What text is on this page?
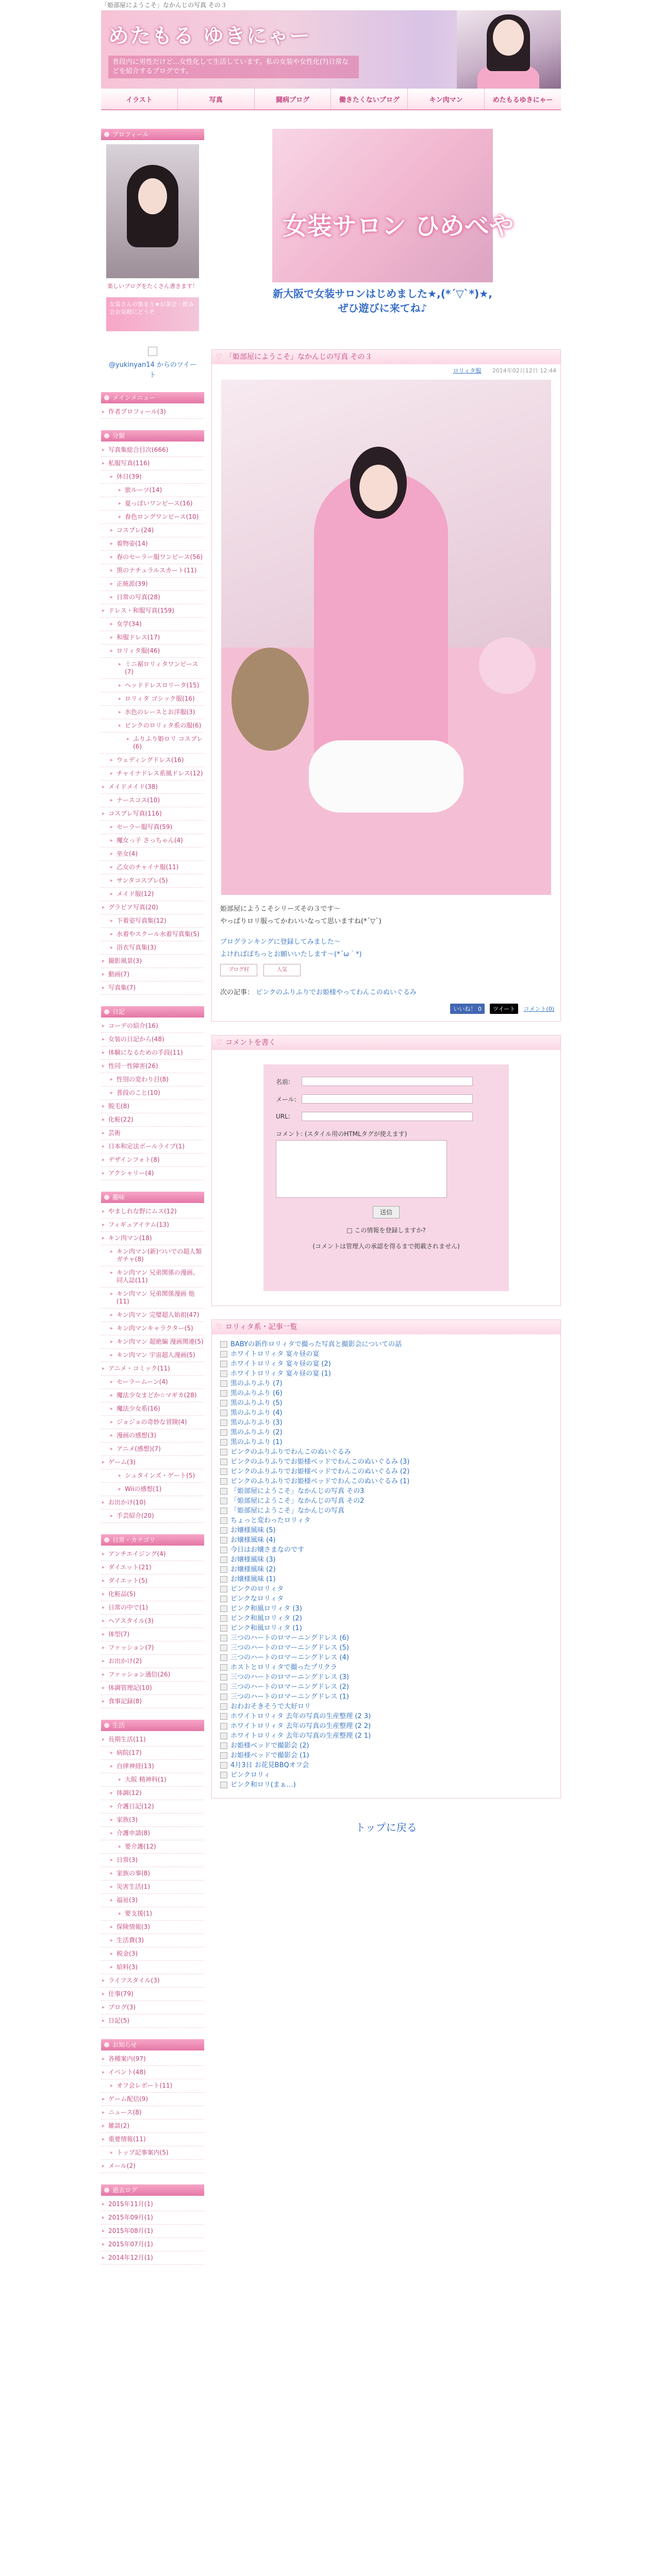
「姫部屋にようこそ」なかんじの写真 その３
めたもる ゆきにゃー
普段内に男性だけど…女性化して生活しています。私の女装や女性化(?)日常などを紹介するブログです。
イラスト	写真	闘病ブログ	働きたくないブログ	キン肉マン	めたもるゆきにゃー
プロフィール
楽しいブログをたくさん書きます！
女装さんの集まり★お茶会・飲み会お気軽にどうぞ
@yukinyan14 からのツイート
メインメニュー
▸ 作者プロフィール(3)
分類
▸ 写真集総合目次(666)
▸ 私服写真(116)
▸ 休日(39)
▸ 旅ルーツ(14)
▸ 夏っぽいワンピース(16)
▸ 春色ロングワンピース(10)
▸ コスプレ(24)
▸ 着物姿(14)
▸ 春のセーラー服ワンピース(56)
▸ 黒のナチュラルスカート(11)
▸ 正統派(39)
▸ 日常の写真(28)
▸ ドレス・和服写真(159)
▸ 女学(34)
▸ 和服ドレス(17)
▸ ロリィタ服(46)
▸ ミニ裾ロリィタワンピース(7)
▸ ヘッドドレスロリータ(15)
▸ ロリィタ ゴシック服(16)
▸ 水色のレースとお洋服(3)
▸ ピンクのロリィタ系の服(6)
▸ ふりふり姫ロリ コスプレ(6)
▸ ウェディングドレス(16)
▸ チャイナドレス系風ドレス(12)
▸ メイドメイド(38)
▸ ナースコス(10)
▸ コスプレ写真(116)
▸ セーラー服写真(59)
▸ 魔女っ子 さっちゃん(4)
▸ 巫女(4)
▸ 乙女のチャイナ服(11)
▸ サンタコスプレ(5)
▸ メイド服(12)
▸ グラビア写真(20)
▸ 下着姿写真集(12)
▸ 水着やスクール水着写真集(5)
▸ 浴衣写真集(3)
▸ 撮影風景(3)
▸ 動画(7)
▸ 写真集(7)
日記
▸ コーデの紹介(16)
▸ 女装の日記から(48)
▸ 体験になるための手段(11)
▸ 性同一性障害(26)
▸ 性別の変わり目(8)
▸ 普段のこと(10)
▸ 脱毛(8)
▸ 化粧(22)
▸ 芸術
▸ 日本和定法ボールライブ(1)
▸ デザインフォト(8)
▸ アクシャリー(4)
趣味
▸ やましれな野にムス(12)
▸ フィギュアイテム(13)
▸ キン肉マン(18)
▸ キン肉マン(新)ついでの超人類ガチャ(8)
▸ キン肉マン 兄弟関係の漫画、同人誌(11)
▸ キン肉マン 兄弟関係漫画 他(11)
▸ キン肉マン 完璧超人始祖(47)
▸ キン肉マンキャラクター(5)
▸ キン肉マン 超絶編 漫画関連(5)
▸ キン肉マン 宇宙超人漫画(5)
▸ アニメ・コミック(11)
▸ セーラームーン(4)
▸ 魔法少女まどか☆マギカ(28)
▸ 魔法少女系(16)
▸ ジョジョの奇妙な冒険(4)
▸ 漫画の感想(3)
▸ アニメ(感想)(7)
▸ ゲーム(3)
▸ シュタインズ・ゲート(5)
▸ Wiiの感想(1)
▸ お出かけ(10)
▸ 手芸紹介(20)
日常・カテゴリ
▸ アンチエイジング(4)
▸ ダイエット(21)
▸ ダイエット(5)
▸ 化粧品(5)
▸ 日常の中で(1)
▸ ヘアスタイル(3)
▸ 体型(7)
▸ ファッション(7)
▸ お出かけ(2)
▸ ファッション通信(26)
▸ 体調管理記(10)
▸ 食事記録(8)
生活
▸ 長期生活(11)
▸ 病院(17)
▸ 自律神経(13)
▸ 大阪 精神科(1)
▸ 体調(12)
▸ 介護日記(12)
▸ 家族(3)
▸ 介護申請(8)
▸ 要介護(12)
▸ 日常(3)
▸ 家族の事(8)
▸ 災害生活(1)
▸ 福祉(3)
▸ 要支援(1)
▸ 保険情報(3)
▸ 生活費(3)
▸ 税金(3)
▸ 給料(3)
▸ ライフスタイル(3)
▸ 仕事(79)
▸ ブログ(3)
▸ 日記(5)
お知らせ
▸ 各種案内(97)
▸ イベント(48)
▸ オフ会レポート(11)
▸ ゲーム配信(9)
▸ ニュース(8)
▸ 雑談(2)
▸ 重要情報(11)
▸ トップ記事案内(5)
▸ メール(2)
過去ログ
▸ 2015年11月(1)
▸ 2015年09月(1)
▸ 2015年08月(1)
▸ 2015年07月(1)
▸ 2014年12月(1)
女装サロン ひめべや
新大阪で女装サロンはじめました★,(*´▽`*)★,
ぜひ遊びに来てね♪
♡ 「姫部屋にようこそ」なかんじの写真 その３
ロリィタ服 2014年02月12日 12:44

姫部屋にようこそシリーズその３です～

やっぱりロリ服ってかわいいなって思いますね(*´▽`)

ブログランキングに登録してみました～

よければぽちっとお願いいたします～(*´ω｀*)

ブログ村	人気
次の記事： ピンクのふりふりでお姫様やってわんこのぬいぐるみ
いいね！ 0	ツイート	コメント(0)
♡ コメントを書く
名前:
メール:
URL:
コメント: (スタイル用のHTMLタグが使えます)
送信
□ この情報を登録しますか?
(コメントは管理人の承認を得るまで掲載されません)
♡ ロリィタ系・記事一覧
BABYの新作ロリィタで撮った写真と撮影会についての話
ホワイトロリィタ 宴々昼の宴
ホワイトロリィタ 宴々昼の宴 (2)
ホワイトロリィタ 宴々昼の宴 (1)
黒のふりふり (7)
黒のふりふり (6)
黒のふりふり (5)
黒のふりふり (4)
黒のふりふり (3)
黒のふりふり (2)
黒のふりふり (1)
ピンクのふりふりでわんこのぬいぐるみ
ピンクのふりふりでお姫様ベッドでわんこのぬいぐるみ (3)
ピンクのふりふりでお姫様ベッドでわんこのぬいぐるみ (2)
ピンクのふりふりでお姫様ベッドでわんこのぬいぐるみ (1)
「姫部屋にようこそ」なかんじの写真 その3
「姫部屋にようこそ」なかんじの写真 その2
「姫部屋にようこそ」なかんじの写真
ちょっと変わったロリィタ
お嬢様風味 (5)
お嬢様風味 (4)
今日はお嬢さまなのです
お嬢様風味 (3)
お嬢様風味 (2)
お嬢様風味 (1)
ピンクのロリィタ
ピンクなロリィタ
ピンク和風ロリィタ (3)
ピンク和風ロリィタ (2)
ピンク和風ロリィタ (1)
三つのハートのロマーニングドレス (6)
三つのハートのロマーニングドレス (5)
三つのハートのロマーニングドレス (4)
ホストとロリィタで撮ったプリクラ
三つのハートのロマーニングドレス (3)
三つのハートのロマーニングドレス (2)
三つのハートのロマーニングドレス (1)
おわおそきそうで大好ロリ
ホワイトロリィタ 去年の写真の生産整理 (2 3)
ホワイトロリィタ 去年の写真の生産整理 (2 2)
ホワイトロリィタ 去年の写真の生産整理 (2 1)
お姫様ベッドで撮影会 (2)
お姫様ベッドで撮影会 (1)
4月3日 お花見BBQオフ会
ピンクロリィ
ピンク和ロリ(まぁ…)
トップに戻る
